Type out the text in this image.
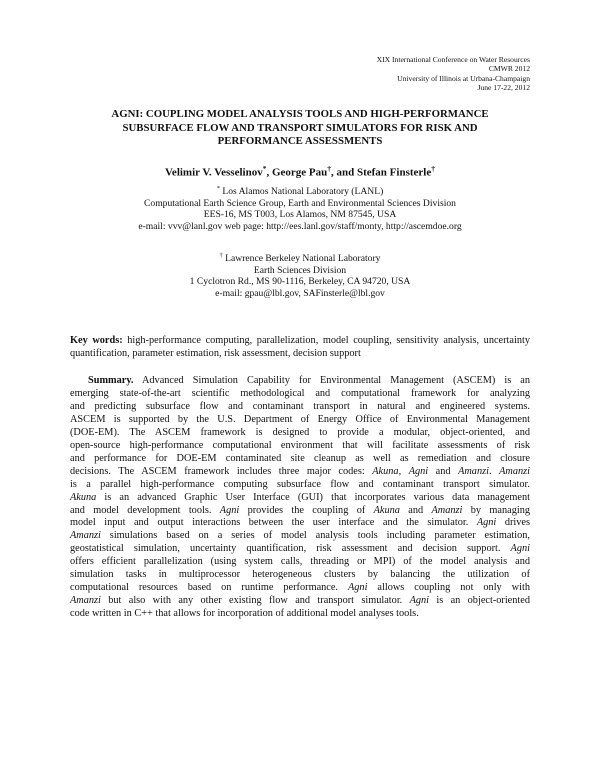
XIX International Conference on Water Resources
CMWR 2012
University of Illinois at Urbana-Champaign
June 17-22, 2012
AGNI: COUPLING MODEL ANALYSIS TOOLS AND HIGH-PERFORMANCE
SUBSURFACE FLOW AND TRANSPORT SIMULATORS FOR RISK AND
PERFORMANCE ASSESSMENTS
Velimir V. Vesselinov*, George Pau†, and Stefan Finsterle†
* Los Alamos National Laboratory (LANL)
Computational Earth Science Group, Earth and Environmental Sciences Division
EES-16, MS T003, Los Alamos, NM 87545, USA
e-mail: vvv@lanl.gov web page: http://ees.lanl.gov/staff/monty, http://ascemdoe.org
† Lawrence Berkeley National Laboratory
Earth Sciences Division
1 Cyclotron Rd., MS 90-1116, Berkeley, CA 94720, USA
e-mail: gpau@lbl.gov, SAFinsterle@lbl.gov
Key words: high-performance computing, parallelization, model coupling, sensitivity analysis, uncertainty quantification, parameter estimation, risk assessment, decision support
Summary. Advanced Simulation Capability for Environmental Management (ASCEM) is an
emerging state-of-the-art scientific methodological and computational framework for analyzing
and predicting subsurface flow and contaminant transport in natural and engineered systems.
ASCEM is supported by the U.S. Department of Energy Office of Environmental Management
(DOE-EM). The ASCEM framework is designed to provide a modular, object-oriented, and
open-source high-performance computational environment that will facilitate assessments of risk
and performance for DOE-EM contaminated site cleanup as well as remediation and closure
decisions. The ASCEM framework includes three major codes: Akuna, Agni and Amanzi. Amanzi
is a parallel high-performance computing subsurface flow and contaminant transport simulator.
Akuna is an advanced Graphic User Interface (GUI) that incorporates various data management
and model development tools. Agni provides the coupling of Akuna and Amanzi by managing
model input and output interactions between the user interface and the simulator. Agni drives
Amanzi simulations based on a series of model analysis tools including parameter estimation,
geostatistical simulation, uncertainty quantification, risk assessment and decision support. Agni
offers efficient parallelization (using system calls, threading or MPI) of the model analysis and
simulation tasks in multiprocessor heterogeneous clusters by balancing the utilization of
computational resources based on runtime performance. Agni allows coupling not only with
Amanzi but also with any other existing flow and transport simulator. Agni is an object-oriented
code written in C++ that allows for incorporation of additional model analyses tools.
